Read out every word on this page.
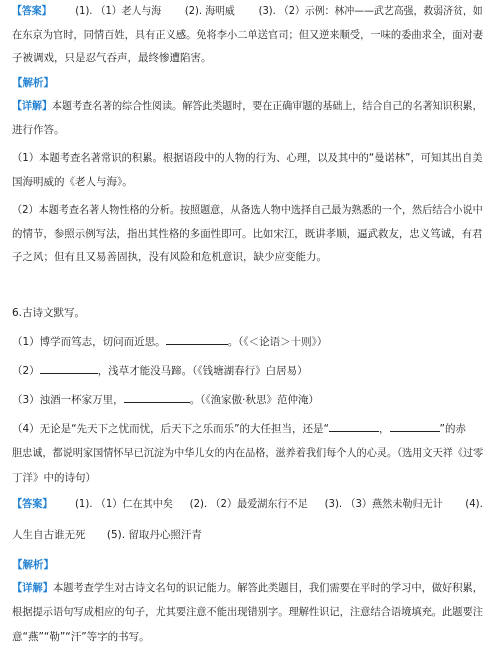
【答案】 (1). （1）老人与海 (2). 海明威 (3). （2）示例：林冲——武艺高强，救弱济贫，如
在东京为官时，同情百姓，具有正义感。免将李小二单送官司；但又逆来顺受，一味的委曲求全，面对妻
子被调戏，只是忍气吞声，最终惨遭陷害。
【解析】
【详解】本题考查名著的综合性阅读。解答此类题时，要在正确审题的基础上，结合自己的名著知识积累，
进行作答。
（1）本题考查名著常识的积累。根据语段中的人物的行为、心理，以及其中的“曼诺林”，可知其出自美
国海明威的《老人与海》。
（2）本题考查名著人物性格的分析。按照题意，从备选人物中选择自己最为熟悉的一个，然后结合小说中
的情节，参照示例写法，指出其性格的多面性即可。比如宋江，既讲孝顺，逼武救友，忠义笃诚，有君
子之风；但有且又易善固执，没有风险和危机意识，缺少应变能力。
6.古诗文默写。
（1）博学而笃志，切问而近思。	。（《＜论语＞十则》）
（2）	，浅草才能没马蹄。（《钱塘湖春行》白居易）
（3）浊酒一杯家万里，	。（《渔家傲·秋思》范仲淹）
（4）无论是“先天下之忧而忧，后天下之乐而乐”的大任担当，还是“	，	”的赤
胆忠诚，都说明家国情怀早已沉淀为中华儿女的内在品格，滋养着我们每个人的心灵。（选用文天祥《过零
丁洋》中的诗句）
【答案】 (1). （1）仁在其中矣 (2). （2）最爱湖东行不足 (3). （3）燕然未勒归无计 (4).
人生自古谁无死 (5). 留取丹心照汗青
【解析】
【详解】本题考查学生对古诗文名句的识记能力。解答此类题目，我们需要在平时的学习中，做好积累，
根据提示语句写成相应的句子，尤其要注意不能出现错别字。理解性识记，注意结合语境填充。此题要注
意“燕”“勒”“汗”等字的书写。
